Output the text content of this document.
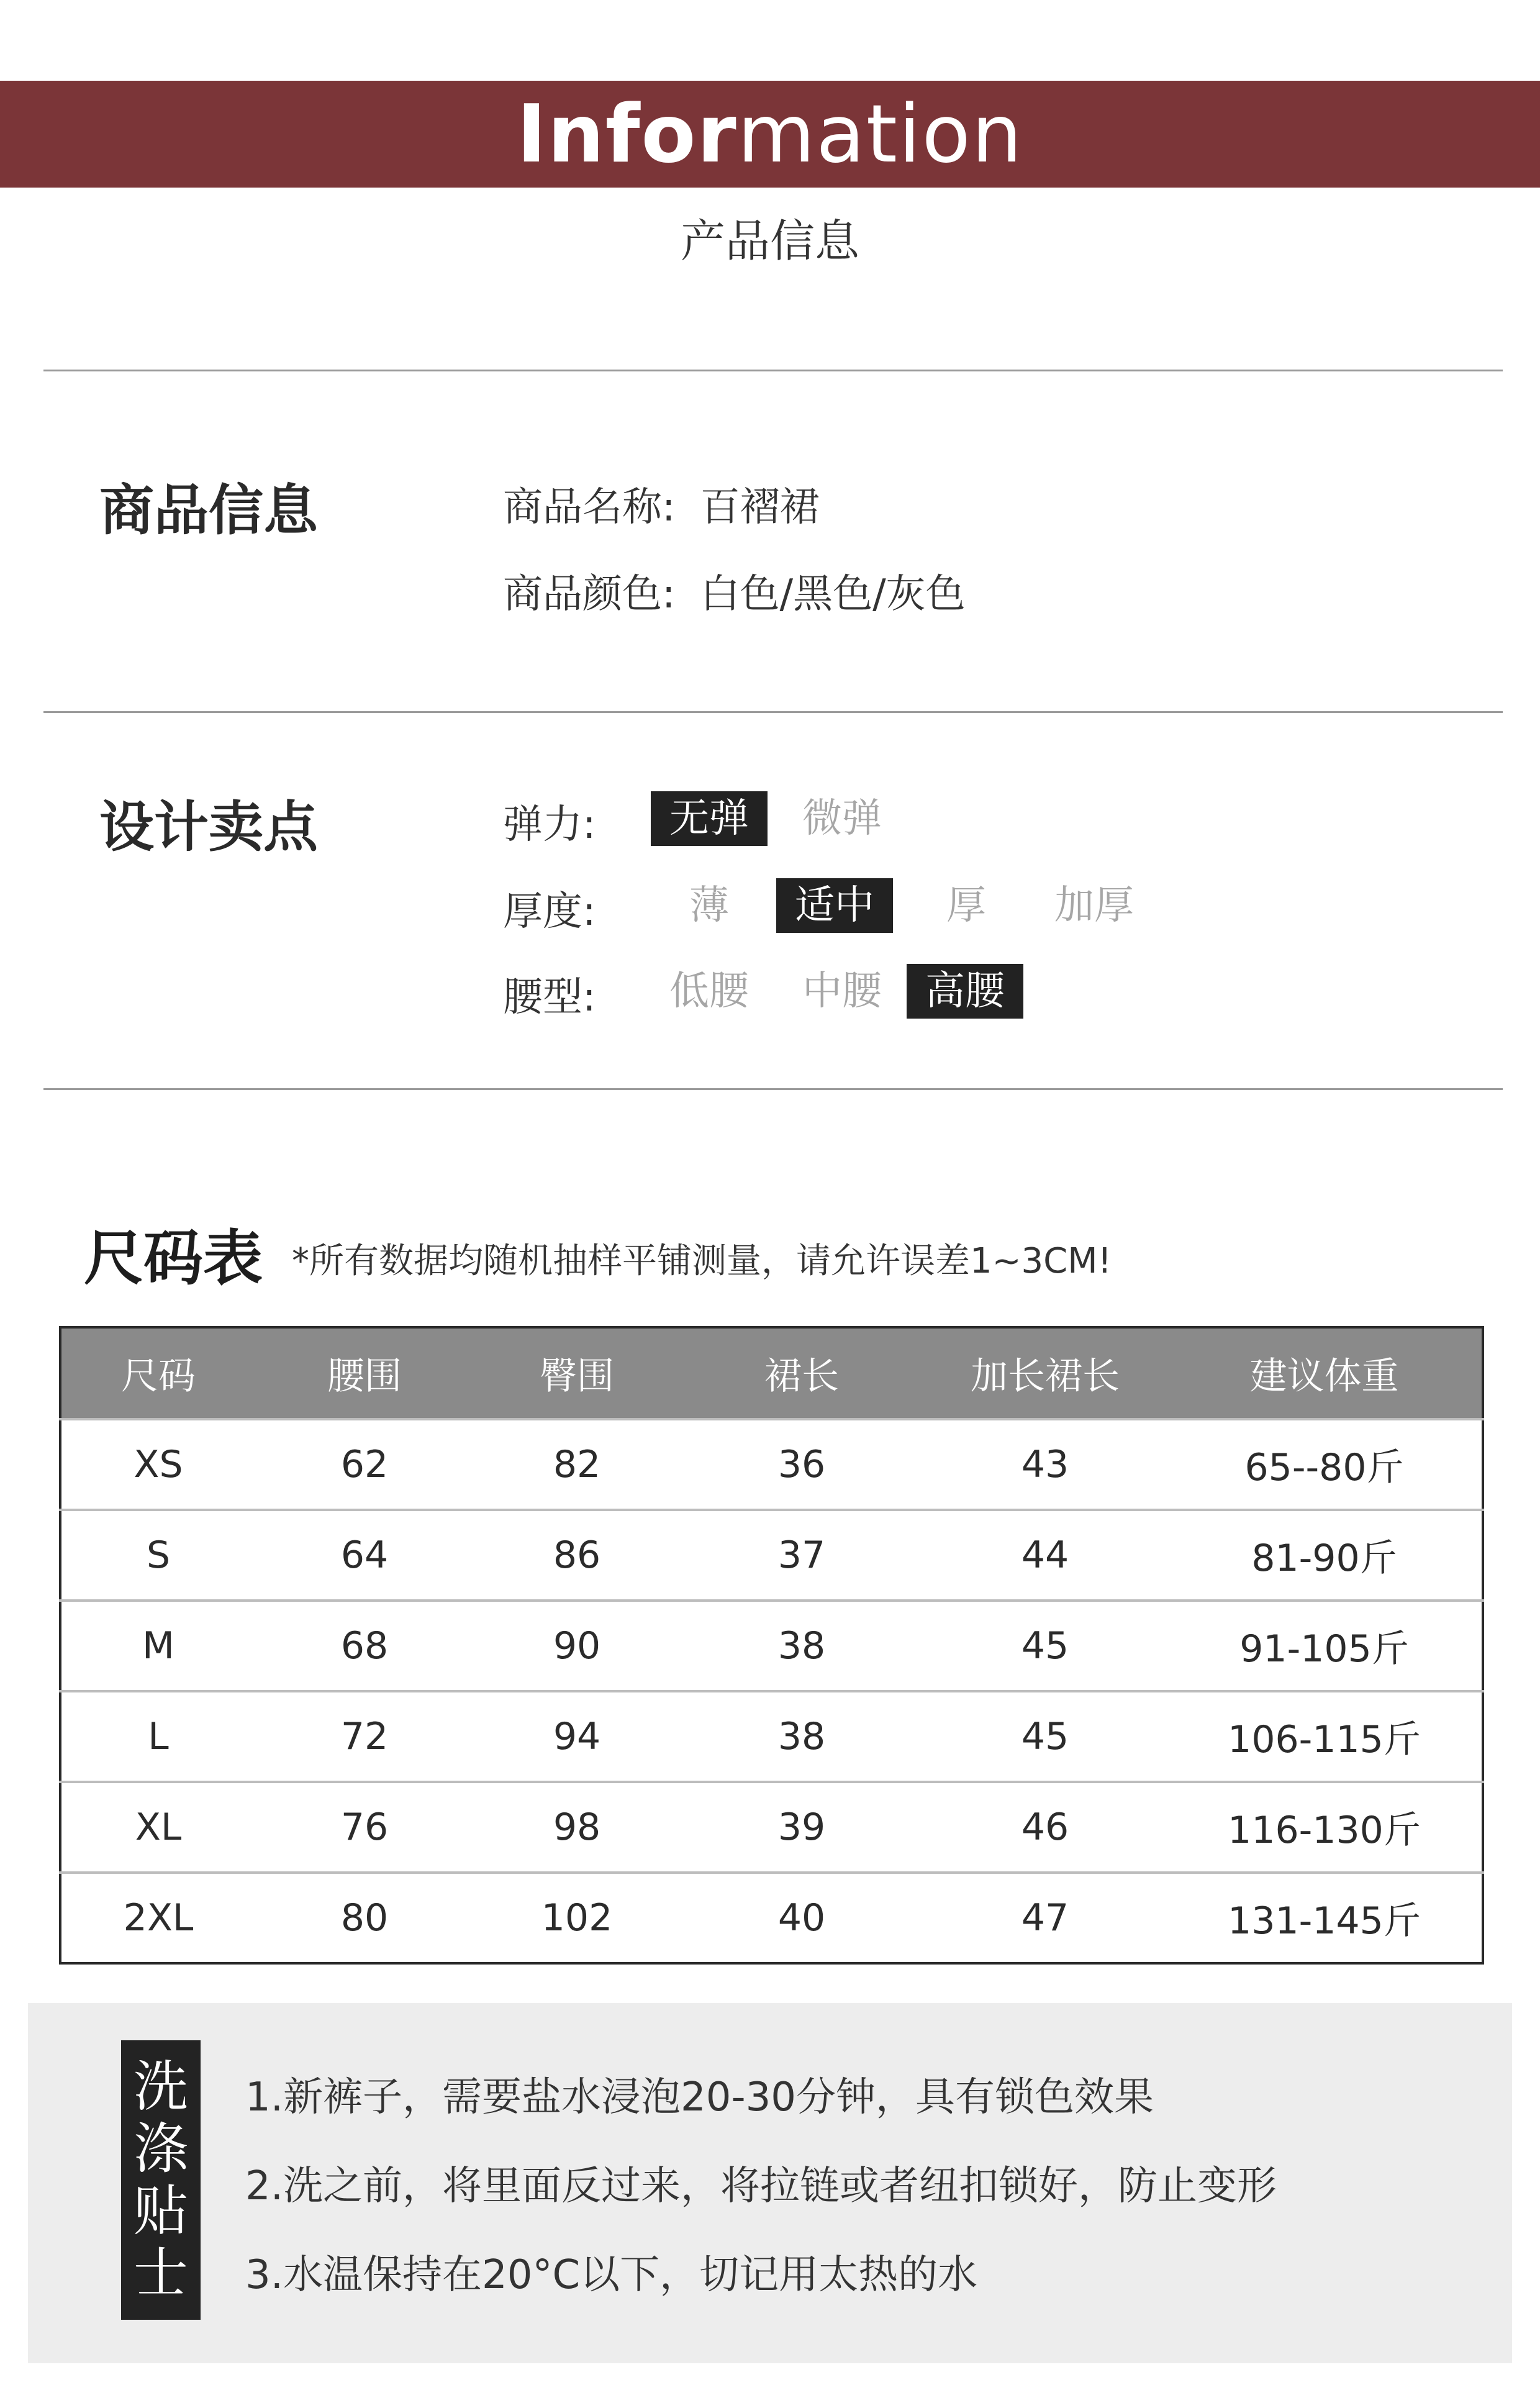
Information
产品信息
商品信息	商品名称: 百褶裙
商品颜色: 白色/黑色/灰色
设计卖点	弹力:	无弹	微弹
厚度:	薄	适中	厚	加厚
腰型:	低腰	中腰	高腰
尺码表 *所有数据均随机抽样平铺测量，请允许误差1~3CM!
尺码	腰围	臀围	裙长	加长裙长	建议体重
XS	62	82	36	43	65--80斤
S	64	86	37	44	81-90斤
M	68	90	38	45	91-105斤
L	72	94	38	45	106-115斤
XL	76	98	39	46	116-130斤
2XL	80	102	40	47	131-145斤
洗
涤
贴
士
1.新裤子，需要盐水浸泡20-30分钟，具有锁色效果
2.洗之前，将里面反过来，将拉链或者纽扣锁好，防止变形
3.水温保持在20°C以下，切记用太热的水
